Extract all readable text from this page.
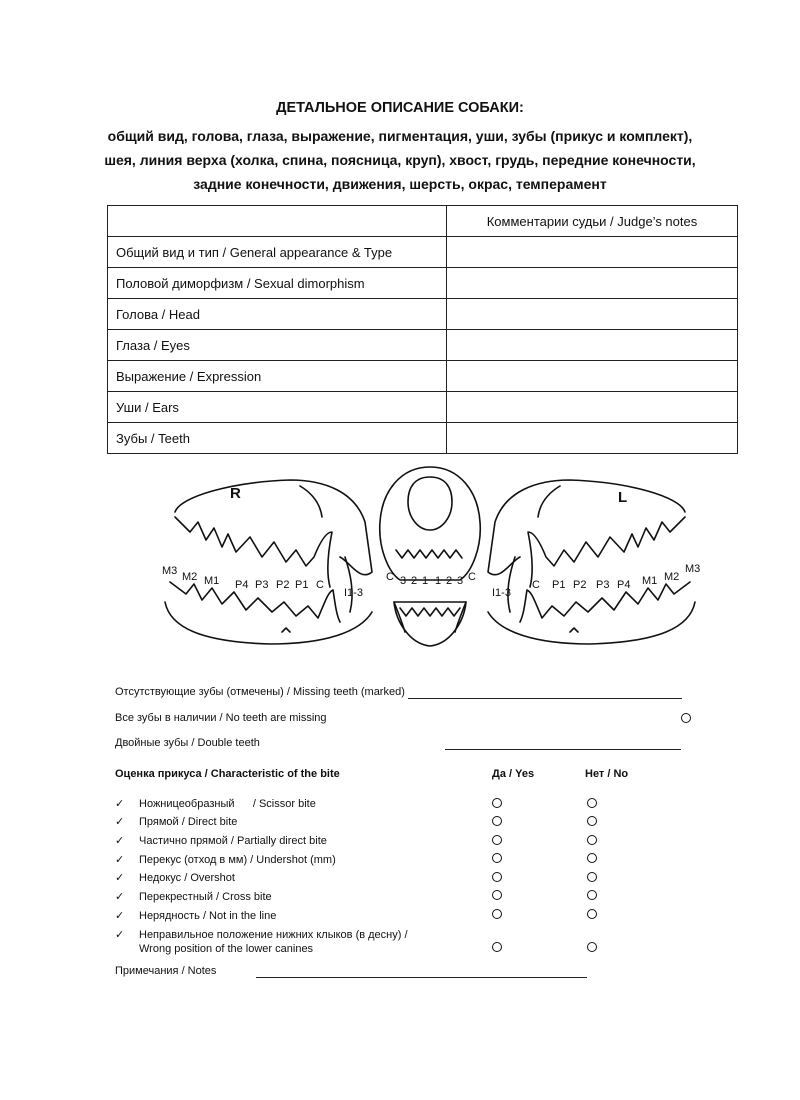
ДЕТАЛЬНОЕ ОПИСАНИЕ СОБАКИ:
общий вид, голова, глаза, выражение, пигментация, уши, зубы (прикус и комплект),
шея, линия верха (холка, спина, поясница, круп), хвост, грудь, передние конечности,
задние конечности, движения, шерсть, окрас, темперамент
	Комментарии судьи / Judge’s notes
Общий вид и тип / General appearance & Type	
Половой диморфизм / Sexual dimorphism	
Голова / Head	
Глаза / Eyes	
Выражение / Expression	
Уши / Ears	
Зубы / Teeth	
R	L
M3 M2 M1 P4 P3 P2 P1 C
I1-3
C 3 2 1 1 2 3 C
C P1 P2 P3 P4 M1 M2
M3
I1-3
Отсутствующие зубы (отмечены) / Missing teeth (marked)
Все зубы в наличии / No teeth are missing
Двойные зубы / Double teeth
Оценка прикуса / Characteristic of the bite	Да / Yes	Нет / No
✓ Ножницеобразный      / Scissor bite
✓ Прямой / Direct bite
✓ Частично прямой / Partially direct bite
✓ Перекус (отход в мм) / Undershot (mm)
✓ Недокус / Overshot
✓ Перекрестный / Cross bite
✓ Нерядность / Not in the line
✓ Неправильное положение нижних клыков (в десну) /
Wrong position of the lower canines
Примечания / Notes
